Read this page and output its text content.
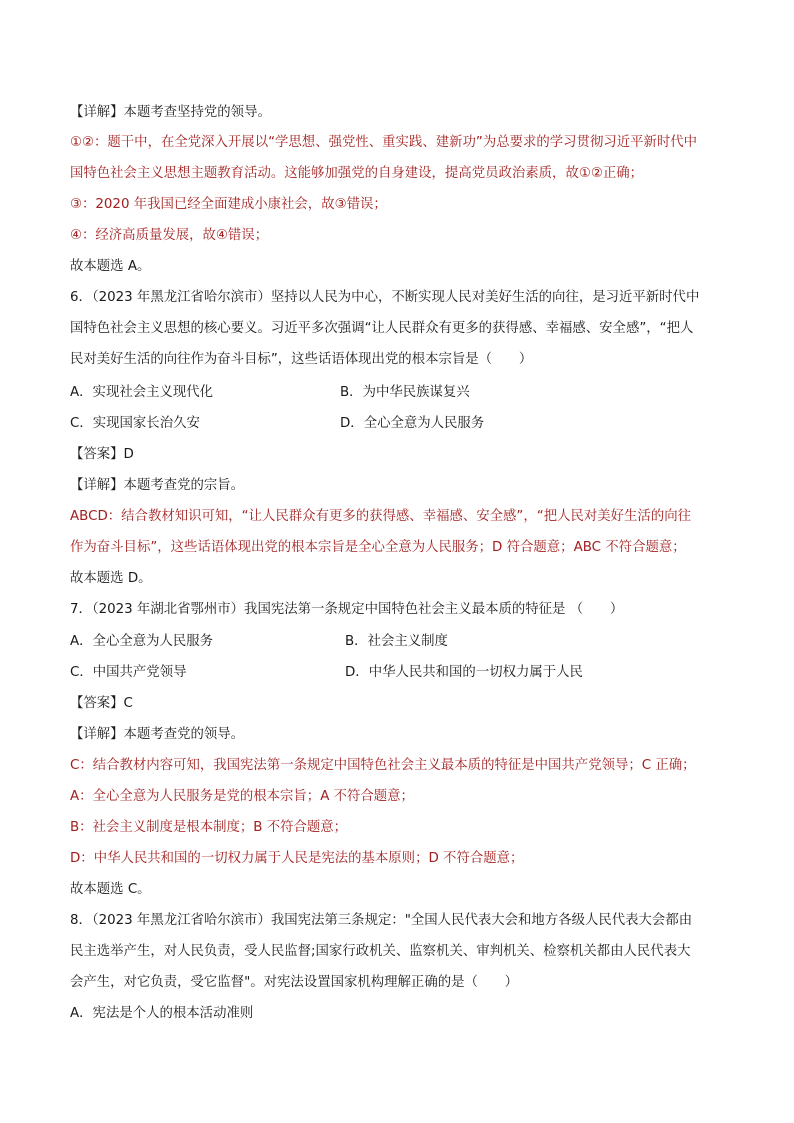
【详解】本题考查坚持党的领导。
①②：题干中，在全党深入开展以“学思想、强党性、重实践、建新功”为总要求的学习贯彻习近平新时代中
国特色社会主义思想主题教育活动。这能够加强党的自身建设，提高党员政治素质，故①②正确；
③：2020 年我国已经全面建成小康社会，故③错误；
④：经济高质量发展，故④错误；
故本题选 A。
6．（2023 年黑龙江省哈尔滨市）坚持以人民为中心，不断实现人民对美好生活的向往，是习近平新时代中
国特色社会主义思想的核心要义。习近平多次强调“让人民群众有更多的获得感、幸福感、安全感”，“把人
民对美好生活的向往作为奋斗目标”，这些话语体现出党的根本宗旨是（　　）
A．实现社会主义现代化	B．为中华民族谋复兴
C．实现国家长治久安	D．全心全意为人民服务
【答案】D
【详解】本题考查党的宗旨。
ABCD：结合教材知识可知，“让人民群众有更多的获得感、幸福感、安全感”，“把人民对美好生活的向往
作为奋斗目标”，这些话语体现出党的根本宗旨是全心全意为人民服务；D 符合题意；ABC 不符合题意；
故本题选 D。
7．（2023 年湖北省鄂州市）我国宪法第一条规定中国特色社会主义最本质的特征是 （　　）
A．全心全意为人民服务	B．社会主义制度
C．中国共产党领导	D．中华人民共和国的一切权力属于人民
【答案】C
【详解】本题考查党的领导。
C：结合教材内容可知，我国宪法第一条规定中国特色社会主义最本质的特征是中国共产党领导；C 正确；
A：全心全意为人民服务是党的根本宗旨；A 不符合题意；
B：社会主义制度是根本制度；B 不符合题意；
D：中华人民共和国的一切权力属于人民是宪法的基本原则；D 不符合题意；
故本题选 C。
8．（2023 年黑龙江省哈尔滨市）我国宪法第三条规定："全国人民代表大会和地方各级人民代表大会都由
民主选举产生，对人民负责，受人民监督;国家行政机关、监察机关、审判机关、检察机关都由人民代表大
会产生，对它负责，受它监督"。对宪法设置国家机构理解正确的是（　　）
A．宪法是个人的根本活动准则
